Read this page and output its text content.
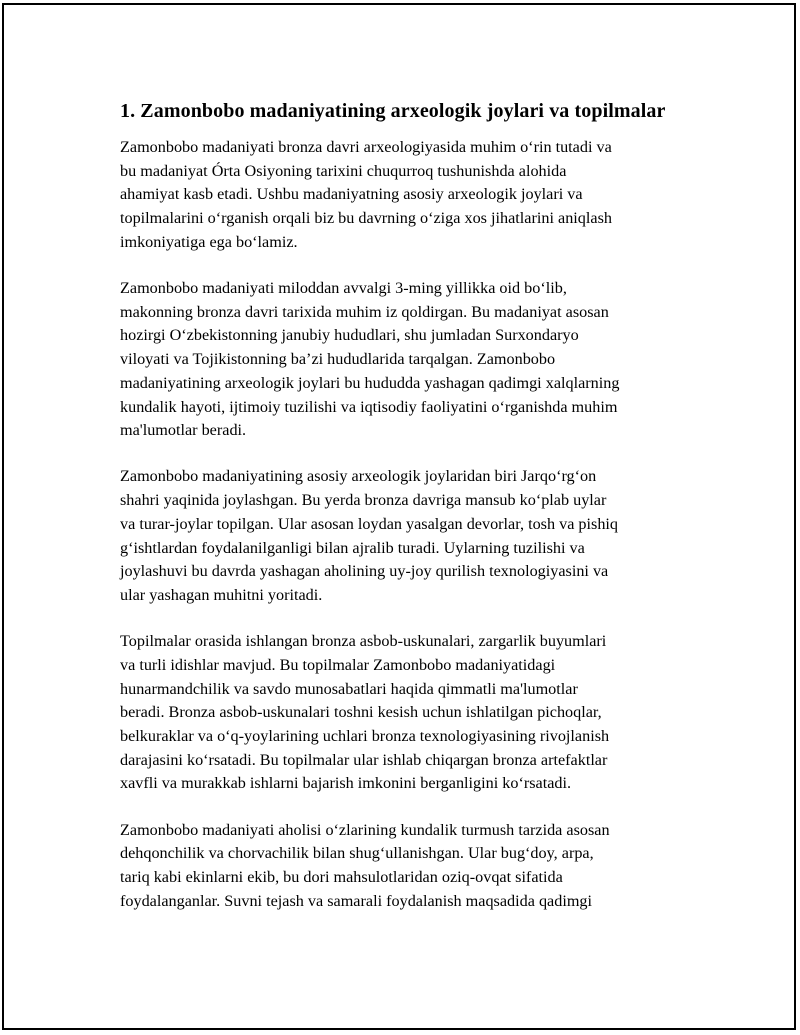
1. Zamonbobo madaniyatining arxeologik joylari va topilmalar

Zamonbobo madaniyati bronza davri arxeologiyasida muhim o‘rin tutadi va
bu madaniyat Órta Osiyoning tarixini chuqurroq tushunishda alohida
ahamiyat kasb etadi. Ushbu madaniyatning asosiy arxeologik joylari va
topilmalarini o‘rganish orqali biz bu davrning o‘ziga xos jihatlarini aniqlash
imkoniyatiga ega bo‘lamiz.

Zamonbobo madaniyati miloddan avvalgi 3-ming yillikka oid bo‘lib,
makonning bronza davri tarixida muhim iz qoldirgan. Bu madaniyat asosan
hozirgi O‘zbekistonning janubiy hududlari, shu jumladan Surxondaryo
viloyati va Tojikistonning ba’zi hududlarida tarqalgan. Zamonbobo
madaniyatining arxeologik joylari bu hududda yashagan qadimgi xalqlarning
kundalik hayoti, ijtimoiy tuzilishi va iqtisodiy faoliyatini o‘rganishda muhim
ma'lumotlar beradi.

Zamonbobo madaniyatining asosiy arxeologik joylaridan biri Jarqo‘rg‘on
shahri yaqinida joylashgan. Bu yerda bronza davriga mansub ko‘plab uylar
va turar-joylar topilgan. Ular asosan loydan yasalgan devorlar, tosh va pishiq
g‘ishtlardan foydalanilganligi bilan ajralib turadi. Uylarning tuzilishi va
joylashuvi bu davrda yashagan aholining uy-joy qurilish texnologiyasini va
ular yashagan muhitni yoritadi.

Topilmalar orasida ishlangan bronza asbob-uskunalari, zargarlik buyumlari
va turli idishlar mavjud. Bu topilmalar Zamonbobo madaniyatidagi
hunarmandchilik va savdo munosabatlari haqida qimmatli ma'lumotlar
beradi. Bronza asbob-uskunalari toshni kesish uchun ishlatilgan pichoqlar,
belkuraklar va o‘q-yoylarining uchlari bronza texnologiyasining rivojlanish
darajasini ko‘rsatadi. Bu topilmalar ular ishlab chiqargan bronza artefaktlar
xavfli va murakkab ishlarni bajarish imkonini berganligini ko‘rsatadi.

Zamonbobo madaniyati aholisi o‘zlarining kundalik turmush tarzida asosan
dehqonchilik va chorvachilik bilan shug‘ullanishgan. Ular bug‘doy, arpa,
tariq kabi ekinlarni ekib, bu dori mahsulotlaridan oziq-ovqat sifatida
foydalanganlar. Suvni tejash va samarali foydalanish maqsadida qadimgi
